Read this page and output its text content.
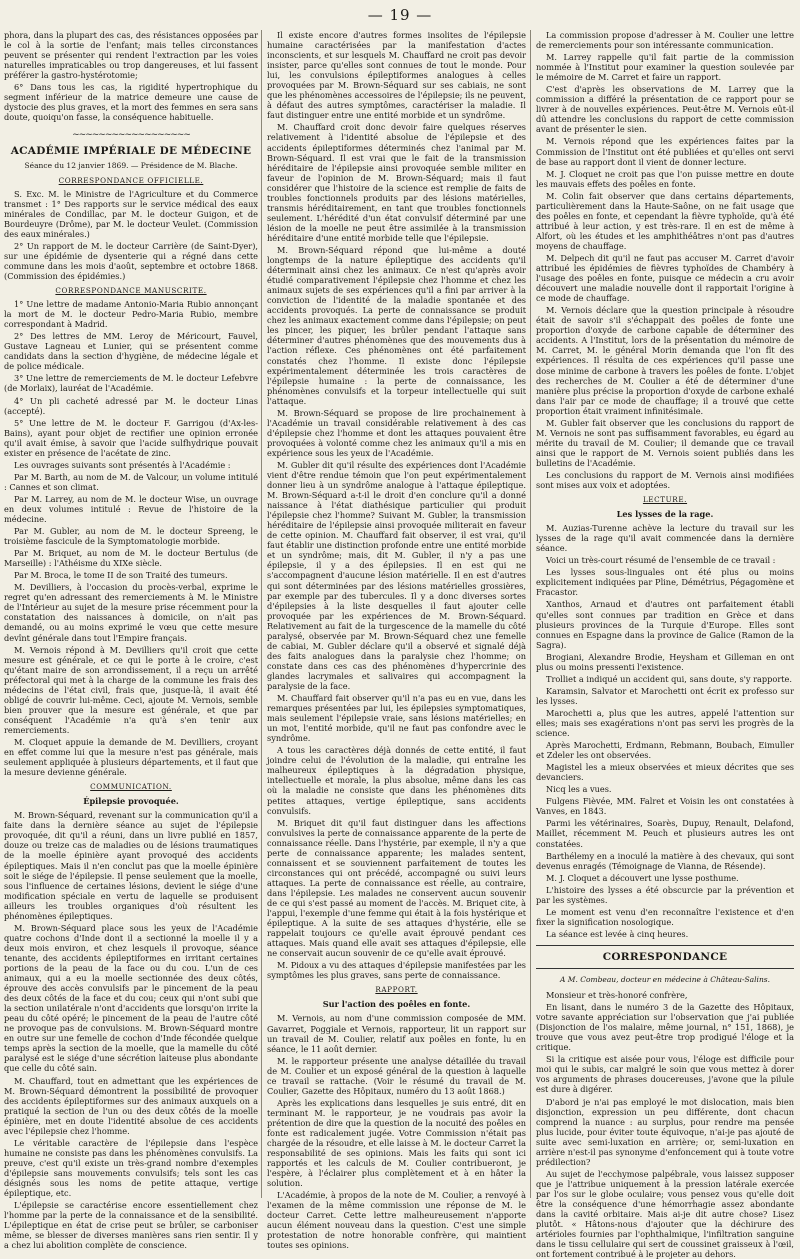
— 19 —

phora, dans la plupart des cas, des résistances opposées par le col à la sortie de l'enfant; mais telles circonstances peuvent se présenter qui rendent l'extraction par les voies naturelles impraticables ou trop dangereuses, et lui fassent préférer la gastro-hystérotomie;

6° Dans tous les cas, la rigidité hypertrophique du segment inférieur de la matrice demeure une cause de dystocie des plus graves, et la mort des femmes en sera sans doute, quoiqu'on fasse, la conséquence habituelle.

~~~~~~~~~~~~~~~~~~

ACADÉMIE IMPÉRIALE DE MÉDECINE

Séance du 12 janvier 1869. — Présidence de M. Blache.

CORRESPONDANCE OFFICIELLE.

S. Exc. M. le Ministre de l'Agriculture et du Commerce transmet : 1° Des rapports sur le service médical des eaux minérales de Condillac, par M. le docteur Guigon, et de Bourdeuyre (Drôme), par M. le docteur Veulet. (Commission des eaux minérales.)

2° Un rapport de M. le docteur Carrière (de Saint-Dyer), sur une épidémie de dysenterie qui a régné dans cette commune dans les mois d'août, septembre et octobre 1868. (Commission des épidémies.)

CORRESPONDANCE MANUSCRITE.

1° Une lettre de madame Antonio-Maria Rubio annonçant la mort de M. le docteur Pedro-Maria Rubio, membre correspondant à Madrid.

2° Des lettres de MM. Leroy de Méricourt, Fauvel, Gustave Lagneau et Lunier, qui se présentent comme candidats dans la section d'hygiène, de médecine légale et de police médicale.

3° Une lettre de remerciements de M. le docteur Lefebvre (de Morlaix), lauréat de l'Académie.

4° Un pli cacheté adressé par M. le docteur Linas (accepté).

5° Une lettre de M. le docteur F. Garrigou (d'Ax-les-Bains), ayant pour objet de rectifier une opinion erronée qu'il avait émise, à savoir que l'acide sulfhydrique pouvait exister en présence de l'acétate de zinc.

Les ouvrages suivants sont présentés à l'Académie :

Par M. Barth, au nom de M. de Valcour, un volume intitulé : Cannes et son climat.

Par M. Larrey, au nom de M. le docteur Wise, un ouvrage en deux volumes intitulé : Revue de l'histoire de la médecine.

Par M. Gubler, au nom de M. le docteur Spreeng, le troisième fascicule de la Symptomatologie morbide.

Par M. Briquet, au nom de M. le docteur Bertulus (de Marseille) : l'Athéisme du XIXe siècle.

Par M. Broca, le tome II de son Traité des tumeurs.

M. Devilliers, à l'occasion du procès-verbal, exprime le regret qu'en adressant des remerciements à M. le Ministre de l'Intérieur au sujet de la mesure prise récemment pour la constatation des naissances à domicile, on n'ait pas demandé, ou au moins exprimé le vœu que cette mesure devînt générale dans tout l'Empire français.

M. Vernois répond à M. Devilliers qu'il croit que cette mesure est générale, et ce qui le porte à le croire, c'est qu'étant maire de son arrondissement, il a reçu un arrêté préfectoral qui met à la charge de la commune les frais des médecins de l'état civil, frais que, jusque-là, il avait été obligé de couvrir lui-même. Ceci, ajoute M. Vernois, semble bien prouver que la mesure est générale, et que par conséquent l'Académie n'a qu'à s'en tenir aux remerciements.

M. Cloquet appuie la demande de M. Devilliers, croyant en effet comme lui que la mesure n'est pas générale, mais seulement appliquée à plusieurs départements, et il faut que la mesure devienne générale.

COMMUNICATION.

Épilepsie provoquée.

M. Brown-Séquard, revenant sur la communication qu'il a faite dans la dernière séance au sujet de l'épilepsie provoquée, dit qu'il a réuni, dans un livre publié en 1857, douze ou treize cas de maladies ou de lésions traumatiques de la moelle épinière ayant provoqué des accidents épileptiques. Mais il n'en conclut pas que la moelle épinière soit le siége de l'épilepsie. Il pense seulement que la moelle, sous l'influence de certaines lésions, devient le siége d'une modification spéciale en vertu de laquelle se produisent ailleurs les troubles organiques d'où résultent les phénomènes épileptiques.

M. Brown-Séquard place sous les yeux de l'Académie quatre cochons d'Inde dont il a sectionné la moelle il y a deux mois environ, et chez lesquels il provoque, séance tenante, des accidents épileptiformes en irritant certaines portions de la peau de la face ou du cou. L'un de ces animaux, qui a eu la moelle sectionnée des deux côtés, éprouve des accès convulsifs par le pincement de la peau des deux côtés de la face et du cou; ceux qui n'ont subi que la section unilatérale n'ont d'accidents que lorsqu'on irrite la peau du côté opéré; le pincement de la peau de l'autre côté ne provoque pas de convulsions. M. Brown-Séquard montre en outre sur une femelle de cochon d'Inde fécondée quelque temps après la section de la moelle, que la mamelle du côté paralysé est le siége d'une sécrétion laiteuse plus abondante que celle du côté sain.

M. Chauffard, tout en admettant que les expériences de M. Brown-Séquard démontrent la possibilité de provoquer des accidents épileptiformes sur des animaux auxquels on a pratiqué la section de l'un ou des deux côtés de la moelle épinière, met en doute l'identité absolue de ces accidents avec l'épilepsie chez l'homme.

Le véritable caractère de l'épilepsie dans l'espèce humaine ne consiste pas dans les phénomènes convulsifs. La preuve, c'est qu'il existe un très-grand nombre d'exemples d'épilepsie sans mouvements convulsifs; tels sont les cas désignés sous les noms de petite attaque, vertige épileptique, etc.

L'épilepsie se caractérise encore essentiellement chez l'homme par la perte de la connaissance et de la sensibilité. L'épileptique en état de crise peut se brûler, se carboniser même, se blesser de diverses manières sans rien sentir. Il y a chez lui abolition complète de conscience.

Il existe encore d'autres formes insolites de l'épilepsie humaine caractérisées par la manifestation d'actes inconscients, et sur lesquels M. Chauffard ne croit pas devoir insister, parce qu'elles sont connues de tout le monde. Pour lui, les convulsions épileptiformes analogues à celles provoquées par M. Brown-Séquard sur ses cabiais, ne sont que les phénomènes accessoires de l'épilepsie; ils ne peuvent, à défaut des autres symptômes, caractériser la maladie. Il faut distinguer entre une entité morbide et un syndrôme.

M. Chauffard croit donc devoir faire quelques réserves relativement à l'identité absolue de l'épilepsie et des accidents épileptiformes déterminés chez l'animal par M. Brown-Séquard. Il est vrai que le fait de la transmission héréditaire de l'épilepsie ainsi provoquée semble militer en faveur de l'opinion de M. Brown-Séquard; mais il faut considérer que l'histoire de la science est remplie de faits de troubles fonctionnels produits par des lésions matérielles, transmis héréditairement, en tant que troubles fonctionnels seulement. L'hérédité d'un état convulsif déterminé par une lésion de la moelle ne peut être assimilée à la transmission héréditaire d'une entité morbide telle que l'épilepsie.

M. Brown-Séquard répond que lui-même a douté longtemps de la nature épileptique des accidents qu'il déterminait ainsi chez les animaux. Ce n'est qu'après avoir étudié comparativement l'épilepsie chez l'homme et chez les animaux sujets de ses expériences qu'il a fini par arriver à la conviction de l'identité de la maladie spontanée et des accidents provoqués. La perte de connaissance se produit chez les animaux exactement comme dans l'épilepsie; on peut les pincer, les piquer, les brûler pendant l'attaque sans déterminer d'autres phénomènes que des mouvements dus à l'action réflexe. Ces phénomènes ont été parfaitement constatés chez l'homme. Il existe donc l'épilepsie expérimentalement déterminée les trois caractères de l'épilepsie humaine : la perte de connaissance, les phénomènes convulsifs et la torpeur intellectuelle qui suit l'attaque.

M. Brown-Séquard se propose de lire prochainement à l'Académie un travail considérable relativement à des cas d'épilepsie chez l'homme et dont les attaques pouvaient être provoquées à volonté comme chez les animaux qu'il a mis en expérience sous les yeux de l'Académie.

M. Gubler dit qu'il résulte des expériences dont l'Académie vient d'être rendue témoin que l'on peut expérimentalement donner lieu à un syndrôme analogue à l'attaque épileptique. M. Brown-Séquard a-t-il le droit d'en conclure qu'il a donné naissance à l'état diathésique particulier qui produit l'épilepsie chez l'homme? Suivant M. Gubler, la transmission héréditaire de l'épilepsie ainsi provoquée militerait en faveur de cette opinion. M. Chauffard fait observer, il est vrai, qu'il faut établir une distinction profonde entre une entité morbide et un syndrôme; mais, dit M. Gubler, il n'y a pas une épilepsie, il y a des épilepsies. Il en est qui ne s'accompagnent d'aucune lésion matérielle. Il en est d'autres qui sont déterminées par des lésions matérielles grossières, par exemple par des tubercules. Il y a donc diverses sortes d'épilepsies à la liste desquelles il faut ajouter celle provoquée par les expériences de M. Brown-Séquard. Relativement au fait de la turgescence de la mamelle du côté paralysé, observée par M. Brown-Séquard chez une femelle de cabiai, M. Gubler déclare qu'il a observé et signalé déjà des faits analogues dans la paralysie chez l'homme; on constate dans ces cas des phénomènes d'hypercrinie des glandes lacrymales et salivaires qui accompagnent la paralysie de la face.

M. Chauffard fait observer qu'il n'a pas eu en vue, dans les remarques présentées par lui, les épilepsies symptomatiques, mais seulement l'épilepsie vraie, sans lésions matérielles; en un mot, l'entité morbide, qu'il ne faut pas confondre avec le syndrôme.

A tous les caractères déjà donnés de cette entité, il faut joindre celui de l'évolution de la maladie, qui entraîne les malheureux épileptiques à la dégradation physique, intellectuelle et morale, la plus absolue, même dans les cas où la maladie ne consiste que dans les phénomènes dits petites attaques, vertige épileptique, sans accidents convulsifs.

M. Briquet dit qu'il faut distinguer dans les affections convulsives la perte de connaissance apparente de la perte de connaissance réelle. Dans l'hystérie, par exemple, il n'y a que perte de connaissance apparente; les malades sentent, connaissent et se souviennent parfaitement de toutes les circonstances qui ont précédé, accompagné ou suivi leurs attaques. La perte de connaissance est réelle, au contraire, dans l'épilepsie. Les malades ne conservent aucun souvenir de ce qui s'est passé au moment de l'accès. M. Briquet cite, à l'appui, l'exemple d'une femme qui était à la fois hystérique et épileptique. A la suite de ses attaques d'hystérie, elle se rappelait toujours ce qu'elle avait éprouvé pendant ces attaques. Mais quand elle avait ses attaques d'épilepsie, elle ne conservait aucun souvenir de ce qu'elle avait éprouvé.

M. Pidoux a vu des attaques d'épilepsie manifestées par les symptômes les plus graves, sans perte de connaissance.

RAPPORT.

Sur l'action des poêles en fonte.

M. Vernois, au nom d'une commission composée de MM. Gavarret, Poggiale et Vernois, rapporteur, lit un rapport sur un travail de M. Coulier, relatif aux poêles en fonte, lu en séance, le 11 août dernier.

M. le rapporteur présente une analyse détaillée du travail de M. Coulier et un exposé général de la question à laquelle ce travail se rattache. (Voir le résumé du travail de M. Coulier, Gazette des Hôpitaux, numéro du 13 août 1868.)

Après les explications dans lesquelles je suis entré, dit en terminant M. le rapporteur, je ne voudrais pas avoir la prétention de dire que la question de la nocuité des poêles en fonte est radicalement jugée. Votre Commission n'était pas chargée de la résoudre, et elle laisse à M. le docteur Carret la responsabilité de ses opinions. Mais les faits qui sont ici rapportés et les calculs de M. Coulier contribueront, je l'espère, à l'éclairer plus complètement et à en hâter la solution.

L'Académie, à propos de la note de M. Coulier, a renvoyé à l'examen de la même commission une réponse de M. le docteur Carret. Cette lettre malheureusement n'apporte aucun élément nouveau dans la question. C'est une simple protestation de notre honorable confrère, qui maintient toutes ses opinions.

La commission propose d'adresser à M. Coulier une lettre de remerciements pour son intéressante communication.

M. Larrey rappelle qu'il fait partie de la commission nommée à l'Institut pour examiner la question soulevée par le mémoire de M. Carret et faire un rapport.

C'est d'après les observations de M. Larrey que la commission a différé la présentation de ce rapport pour se livrer à de nouvelles expériences. Peut-être M. Vernois eût-il dû attendre les conclusions du rapport de cette commission avant de présenter le sien.

M. Vernois répond que les expériences faites par la Commission de l'Institut ont été publiées et qu'elles ont servi de base au rapport dont il vient de donner lecture.

M. J. Cloquet ne croit pas que l'on puisse mettre en doute les mauvais effets des poêles en fonte.

M. Colin fait observer que dans certains départements, particulièrement dans la Haute-Saône, on ne fait usage que des poêles en fonte, et cependant la fièvre typhoïde, qu'à été attribué à leur action, y est très-rare. Il en est de même à Alfort, où les études et les amphithéâtres n'ont pas d'autres moyens de chauffage.

M. Delpech dit qu'il ne faut pas accuser M. Carret d'avoir attribué les épidémies de fièvres typhoïdes de Chambéry à l'usage des poêles en fonte, puisque ce médecin a cru avoir découvert une maladie nouvelle dont il rapportait l'origine à ce mode de chauffage.

M. Vernois déclare que la question principale à résoudre était de savoir s'il s'échappait des poêles de fonte une proportion d'oxyde de carbone capable de déterminer des accidents. A l'Institut, lors de la présentation du mémoire de M. Carret, M. le général Morin demanda que l'on fît des expériences. Il résulta de ces expériences qu'il passe une dose minime de carbone à travers les poêles de fonte. L'objet des recherches de M. Coulier a été de déterminer d'une manière plus précise la proportion d'oxyde de carbone exhalé dans l'air par ce mode de chauffage; il a trouvé que cette proportion était vraiment infinitésimale.

M. Gubler fait observer que les conclusions du rapport de M. Vernois ne sont pas suffisamment favorables, eu égard au mérite du travail de M. Coulier; il demande que ce travail ainsi que le rapport de M. Vernois soient publiés dans les bulletins de l'Académie.

Les conclusions du rapport de M. Vernois ainsi modifiées sont mises aux voix et adoptées.

LECTURE.

Les lysses de la rage.

M. Auzias-Turenne achève la lecture du travail sur les lysses de la rage qu'il avait commencée dans la dernière séance.

Voici un très-court résumé de l'ensemble de ce travail :

Les lysses sous-linguales ont été plus ou moins explicitement indiquées par Pline, Démétrius, Pégagomène et Fracastor.

Xanthos, Arnaud et d'autres ont parfaitement établi qu'elles sont connues par tradition en Grèce et dans plusieurs provinces de la Turquie d'Europe. Elles sont connues en Espagne dans la province de Galice (Ramon de la Sagra).

Brogiani, Alexandre Brodie, Heysham et Gilleman en ont plus ou moins pressenti l'existence.

Trolliet a indiqué un accident qui, sans doute, s'y rapporte.

Karamsin, Salvator et Marochetti ont écrit ex professo sur les lysses.

Marochetti a, plus que les autres, appelé l'attention sur elles; mais ses exagérations n'ont pas servi les progrès de la science.

Après Marochetti, Erdmann, Rebmann, Boubach, Eimuller et Zdeler les ont observées.

Magistel les a mieux observées et mieux décrites que ses devanciers.

Nicq les a vues.

Fulgens Fièvée, MM. Falret et Voisin les ont constatées à Vanves, en 1843.

Parmi les vétérinaires, Soarès, Dupuy, Renault, Delafond, Maillet, récemment M. Peuch et plusieurs autres les ont constatées.

Barthélemy en a inoculé la matière à des chevaux, qui sont devenus enragés (Témoignage de Vianna, de Résende).

M. J. Cloquet a découvert une lysse posthume.

L'histoire des lysses a été obscurcie par la prévention et par les systèmes.

Le moment est venu d'en reconnaître l'existence et d'en fixer la signification nosologique.

La séance est levée à cinq heures.

CORRESPONDANCE

A M. Combeau, docteur en médecine à Château-Salins.

Monsieur et très-honoré confrère,

En lisant, dans le numéro 3 de la Gazette des Hôpitaux, votre savante appréciation sur l'observation que j'ai publiée (Disjonction de l'os malaire, même journal, n° 151, 1868), je trouve que vous avez peut-être trop prodigué l'éloge et la critique.

Si la critique est aisée pour vous, l'éloge est difficile pour moi qui le subis, car malgré le soin que vous mettez à dorer vos arguments de phrases doucereuses, j'avone que la pilule est dure à digérer.

D'abord je n'ai pas employé le mot dislocation, mais bien disjonction, expression un peu différente, dont chacun comprend la nuance : au surplus, pour rendre ma pensée plus lucide, pour éviter toute équivoque, n'ai-je pas ajouté de suite avec semi-luxation en arrière; or, semi-luxation en arrière n'est-il pas synonyme d'enfoncement qui à toute votre prédilection?

Au sujet de l'ecchymose palpébrale, vous laissez supposer que je l'attribue uniquement à la pression latérale exercée par l'os sur le globe oculaire; vous pensez vous qu'elle doit être la conséquence d'une hémorrhagie assez abondante dans la cavité orbitaire. Mais ai-je dit autre chose? Lisez plutôt. « Hâtons-nous d'ajouter que la déchirure des artérioles fournies par l'ophthalmique, l'infiltration sanguine dans le tissu cellulaire qui sert de coussinet graisseux à l'œil, ont fortement contribué à le projeter au dehors.
